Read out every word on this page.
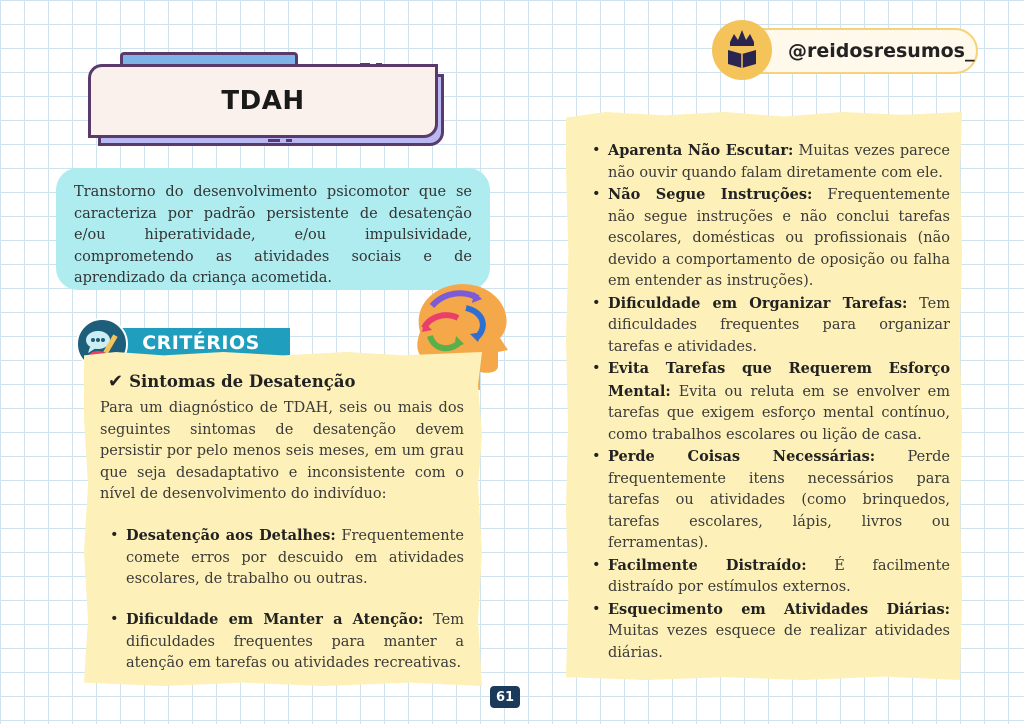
TDAH
@reidosresumos_
Transtorno do desenvolvimento psicomotor que se caracteriza por padrão persistente de desatenção e/ou hiperatividade, e/ou impulsividade, comprometendo as atividades sociais e de aprendizado da criança acometida.
CRITÉRIOS
✔ Sintomas de Desatenção
Para um diagnóstico de TDAH, seis ou mais dos seguintes sintomas de desatenção devem persistir por pelo menos seis meses, em um grau que seja desadaptativo e inconsistente com o nível de desenvolvimento do indivíduo:
• Desatenção aos Detalhes: Frequentemente comete erros por descuido em atividades escolares, de trabalho ou outras.
• Dificuldade em Manter a Atenção: Tem dificuldades frequentes para manter a atenção em tarefas ou atividades recreativas.
• Aparenta Não Escutar: Muitas vezes parece não ouvir quando falam diretamente com ele.
• Não Segue Instruções: Frequentemente não segue instruções e não conclui tarefas escolares, domésticas ou profissionais (não devido a comportamento de oposição ou falha em entender as instruções).
• Dificuldade em Organizar Tarefas: Tem dificuldades frequentes para organizar tarefas e atividades.
• Evita Tarefas que Requerem Esforço Mental: Evita ou reluta em se envolver em tarefas que exigem esforço mental contínuo, como trabalhos escolares ou lição de casa.
• Perde Coisas Necessárias: Perde frequentemente itens necessários para tarefas ou atividades (como brinquedos, tarefas escolares, lápis, livros ou ferramentas).
• Facilmente Distraído: É facilmente distraído por estímulos externos.
• Esquecimento em Atividades Diárias: Muitas vezes esquece de realizar atividades diárias.
61
